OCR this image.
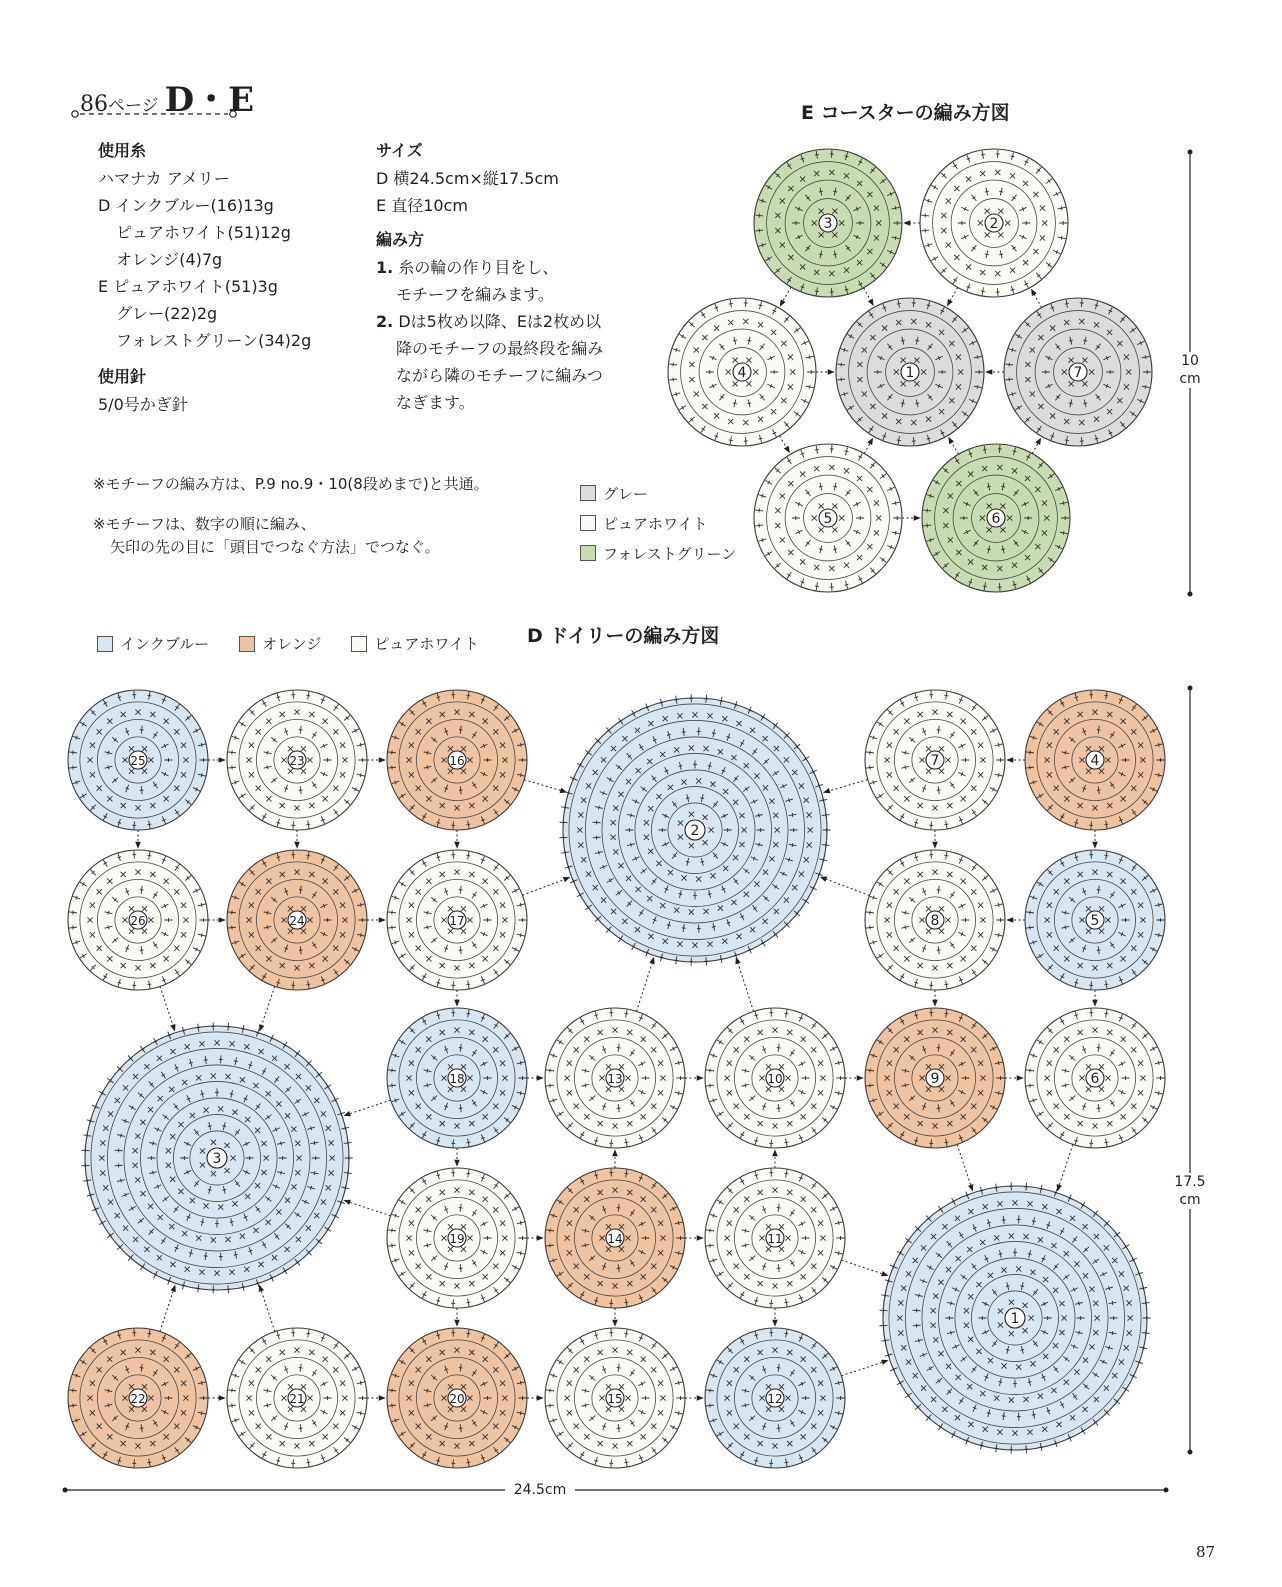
86 ページ D・E
使用糸
ハマナカ アメリー
D インクブルー(16)13g
ピュアホワイト(51)12g
オレンジ(4)7g
E ピュアホワイト(51)3g
グレー(22)2g
フォレストグリーン(34)2g
使用針
5/0号かぎ針
サイズ
D 横24.5cm×縦17.5cm
E 直径10cm
編み方
1. 糸の輪の作り目をし、
モチーフを編みます。
2. Dは5枚め以降、Eは2枚め以
降のモチーフの最終段を編み
ながら隣のモチーフに編みつ
なぎます。
※モチーフの編み方は、P.9 no.9・10(8段めまで)と共通。
※モチーフは、数字の順に編み、
矢印の先の目に「頭目でつなぐ方法」でつなぐ。
グレー
ピュアホワイト
フォレストグリーン
E コースターの編み方図
D ドイリーの編み方図
インクブルー	オレンジ	ピュアホワイト
1
2
3
4
5	6
7
1
2
3
4
5
6
7
8
9
10
11
12
13
14
15
16
17
18
19
20
21
22
23
24
25
26
10
cm
17.5
cm
24.5cm
87
